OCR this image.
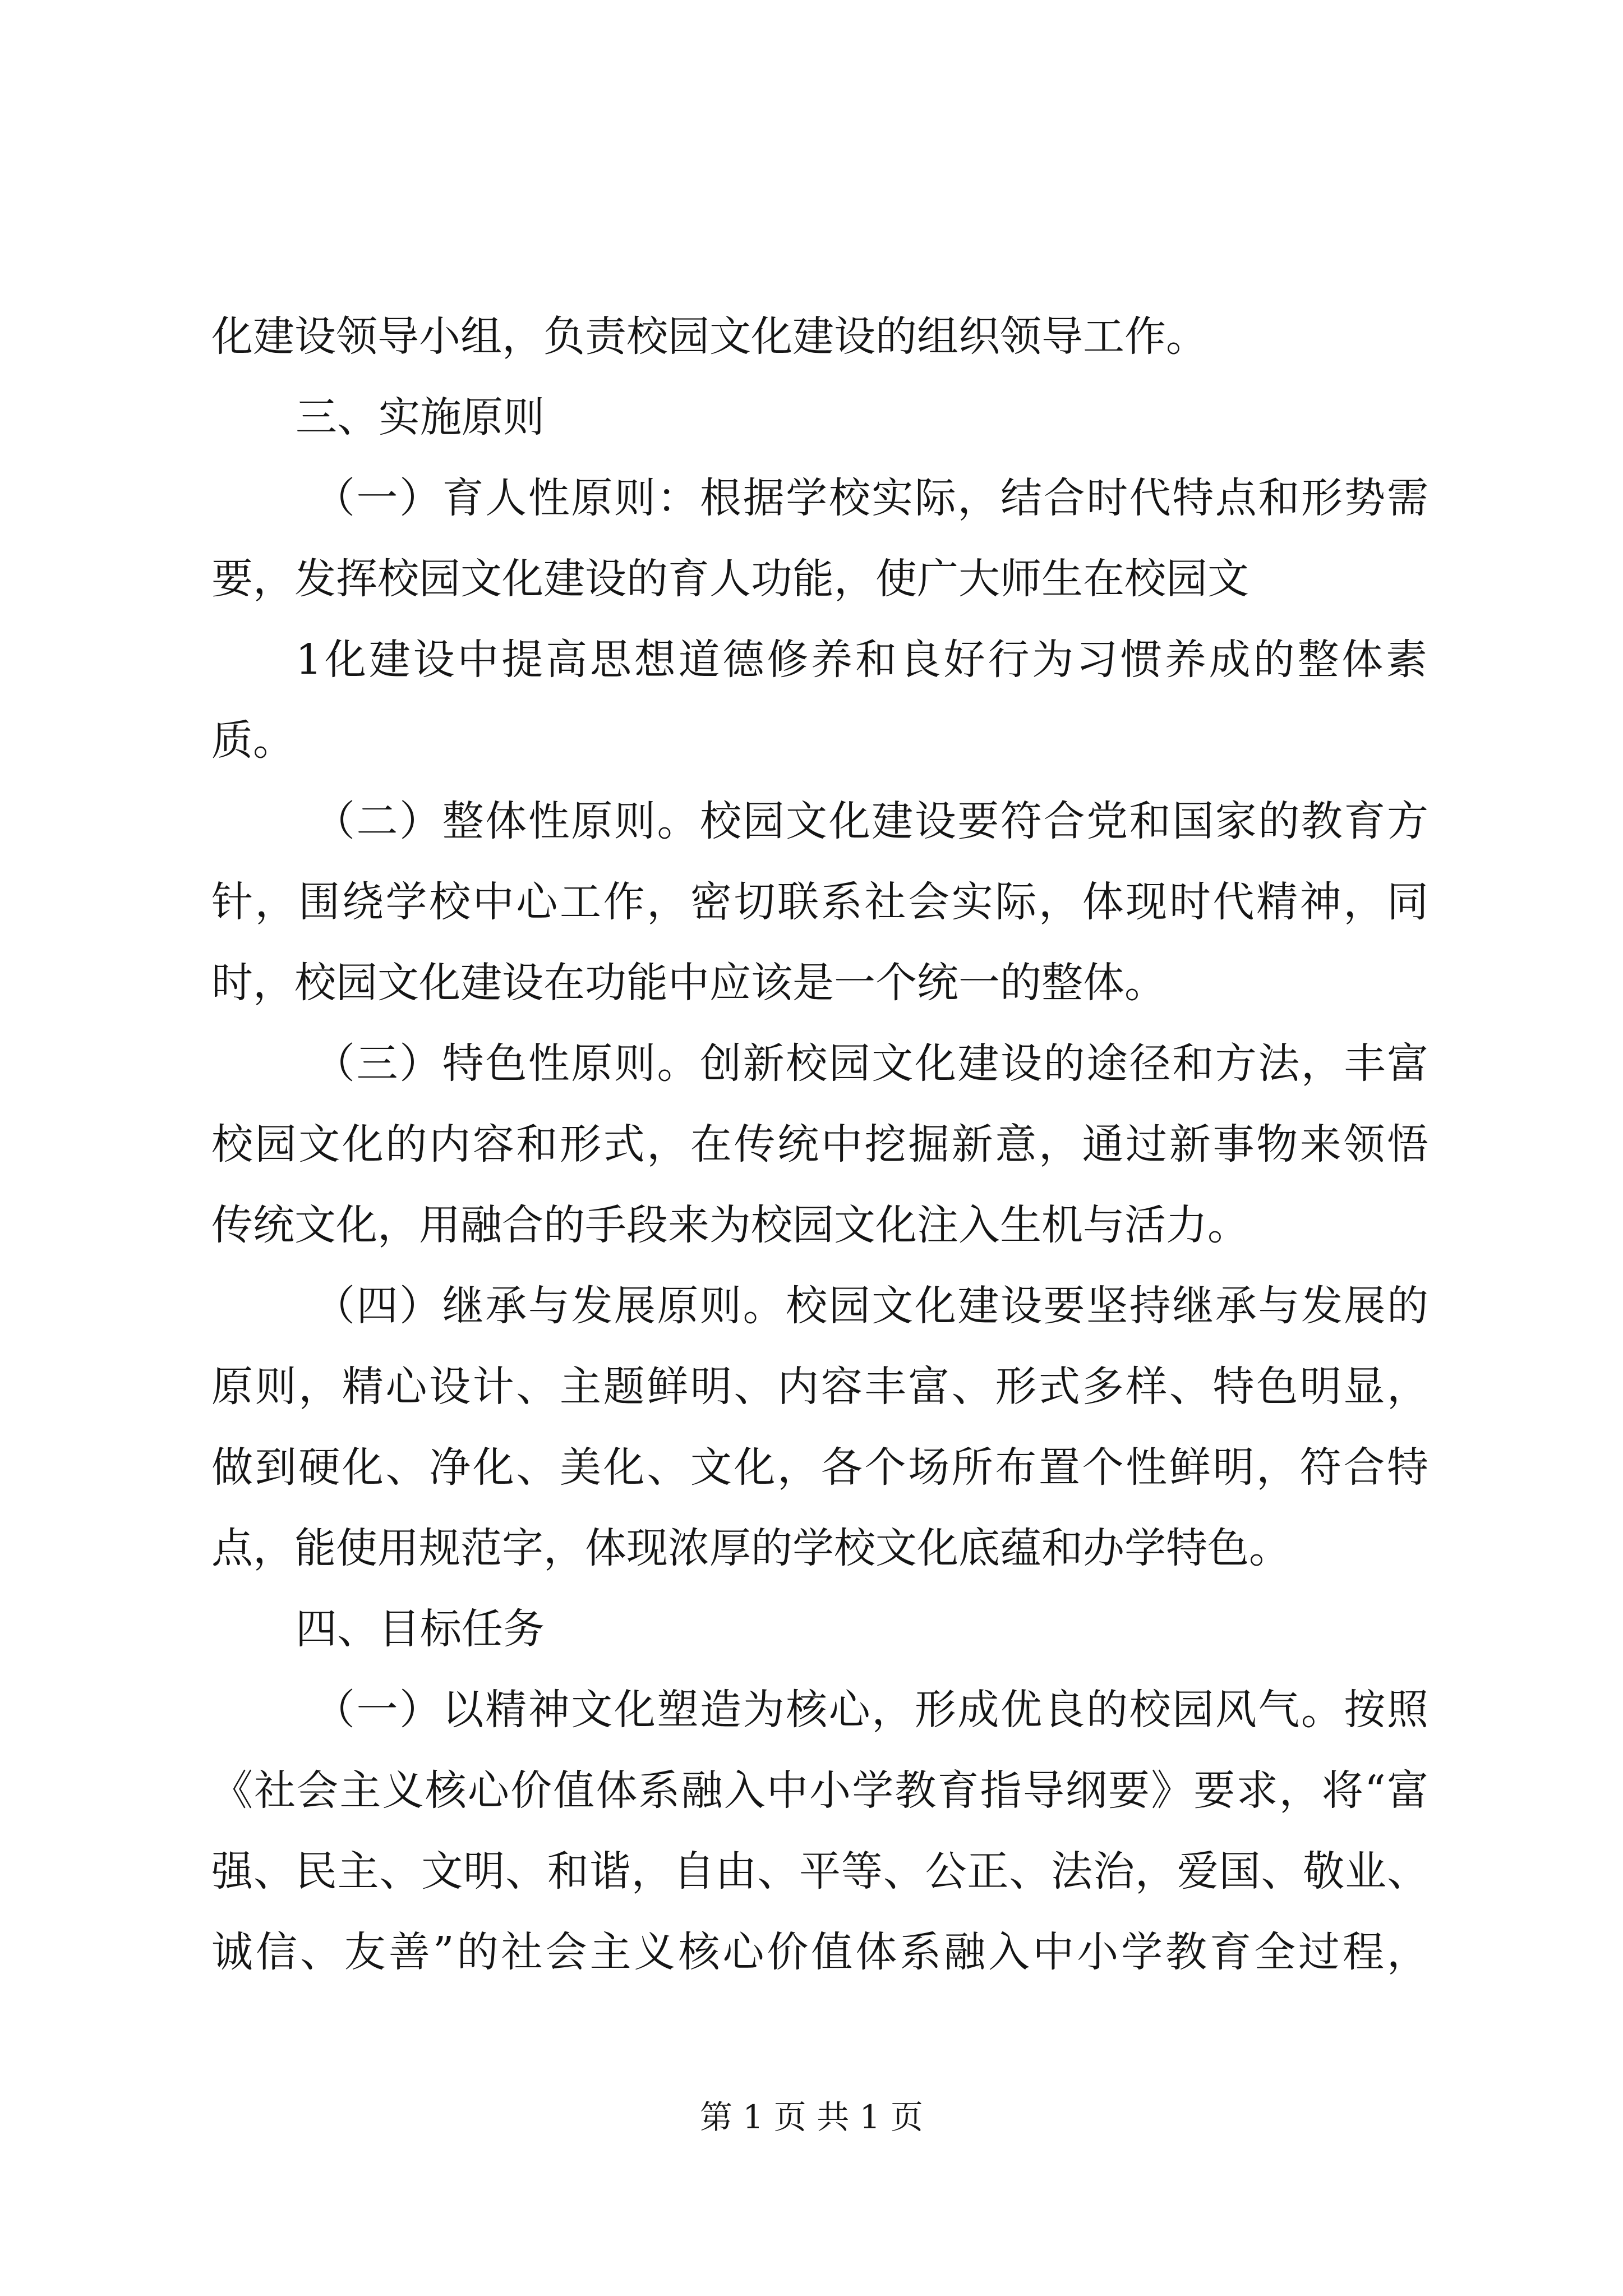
化建设领导小组，负责校园文化建设的组织领导工作。
三、实施原则
（一）育人性原则：根据学校实际，结合时代特点和形势需
要，发挥校园文化建设的育人功能，使广大师生在校园文
1化建设中提高思想道德修养和良好行为习惯养成的整体素
质。
（二）整体性原则。校园文化建设要符合党和国家的教育方
针，围绕学校中心工作，密切联系社会实际，体现时代精神，同
时，校园文化建设在功能中应该是一个统一的整体。
（三）特色性原则。创新校园文化建设的途径和方法，丰富
校园文化的内容和形式，在传统中挖掘新意，通过新事物来领悟
传统文化，用融合的手段来为校园文化注入生机与活力。
（四）继承与发展原则。校园文化建设要坚持继承与发展的
原则，精心设计、主题鲜明、内容丰富、形式多样、特色明显，
做到硬化、净化、美化、文化，各个场所布置个性鲜明，符合特
点，能使用规范字，体现浓厚的学校文化底蕴和办学特色。
四、目标任务
（一）以精神文化塑造为核心，形成优良的校园风气。按照
《社会主义核心价值体系融入中小学教育指导纲要》要求，将“富
强、民主、文明、和谐，自由、平等、公正、法治，爱国、敬业、
诚信、友善”的社会主义核心价值体系融入中小学教育全过程，
第 1 页 共 1 页
